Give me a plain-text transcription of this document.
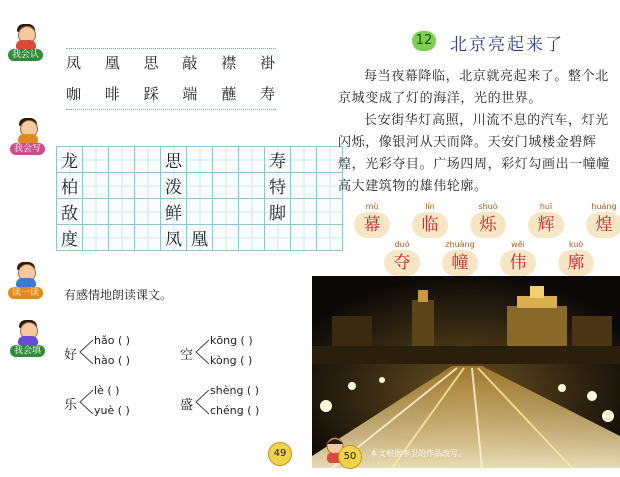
我会认 凤 凰 思 敲 襟 褂
咖 啡 踩 端 蘸 寿
我会写
龙				思				寿		
柏				泼				特		
敌				鲜				脚		
度				凤	凰					
读一读	有感情地朗读课文。
我会填	好
hǎo ( )
hào ( )	空
kōng ( )
kòng ( )
乐
lè ( )
yuè ( )	盛
shèng ( )
chéng ( )
49
12 北京亮起来了
每当夜幕降临，北京就亮起来了。整个北京城变成了灯的海洋，光的世界。
长安街华灯高照，川流不息的汽车，灯光闪烁，像银河从天而降。天安门城楼金碧辉煌，光彩夺目。广场四周，彩灯勾画出一幢幢高大建筑物的雄伟轮廓。
mù
幕
lín
临
shuò
烁
huī
辉
huáng
煌
duó
夺
zhuàng
幢
wěi
伟
kuò
廓
50	本文根据李卫的作品改写。
